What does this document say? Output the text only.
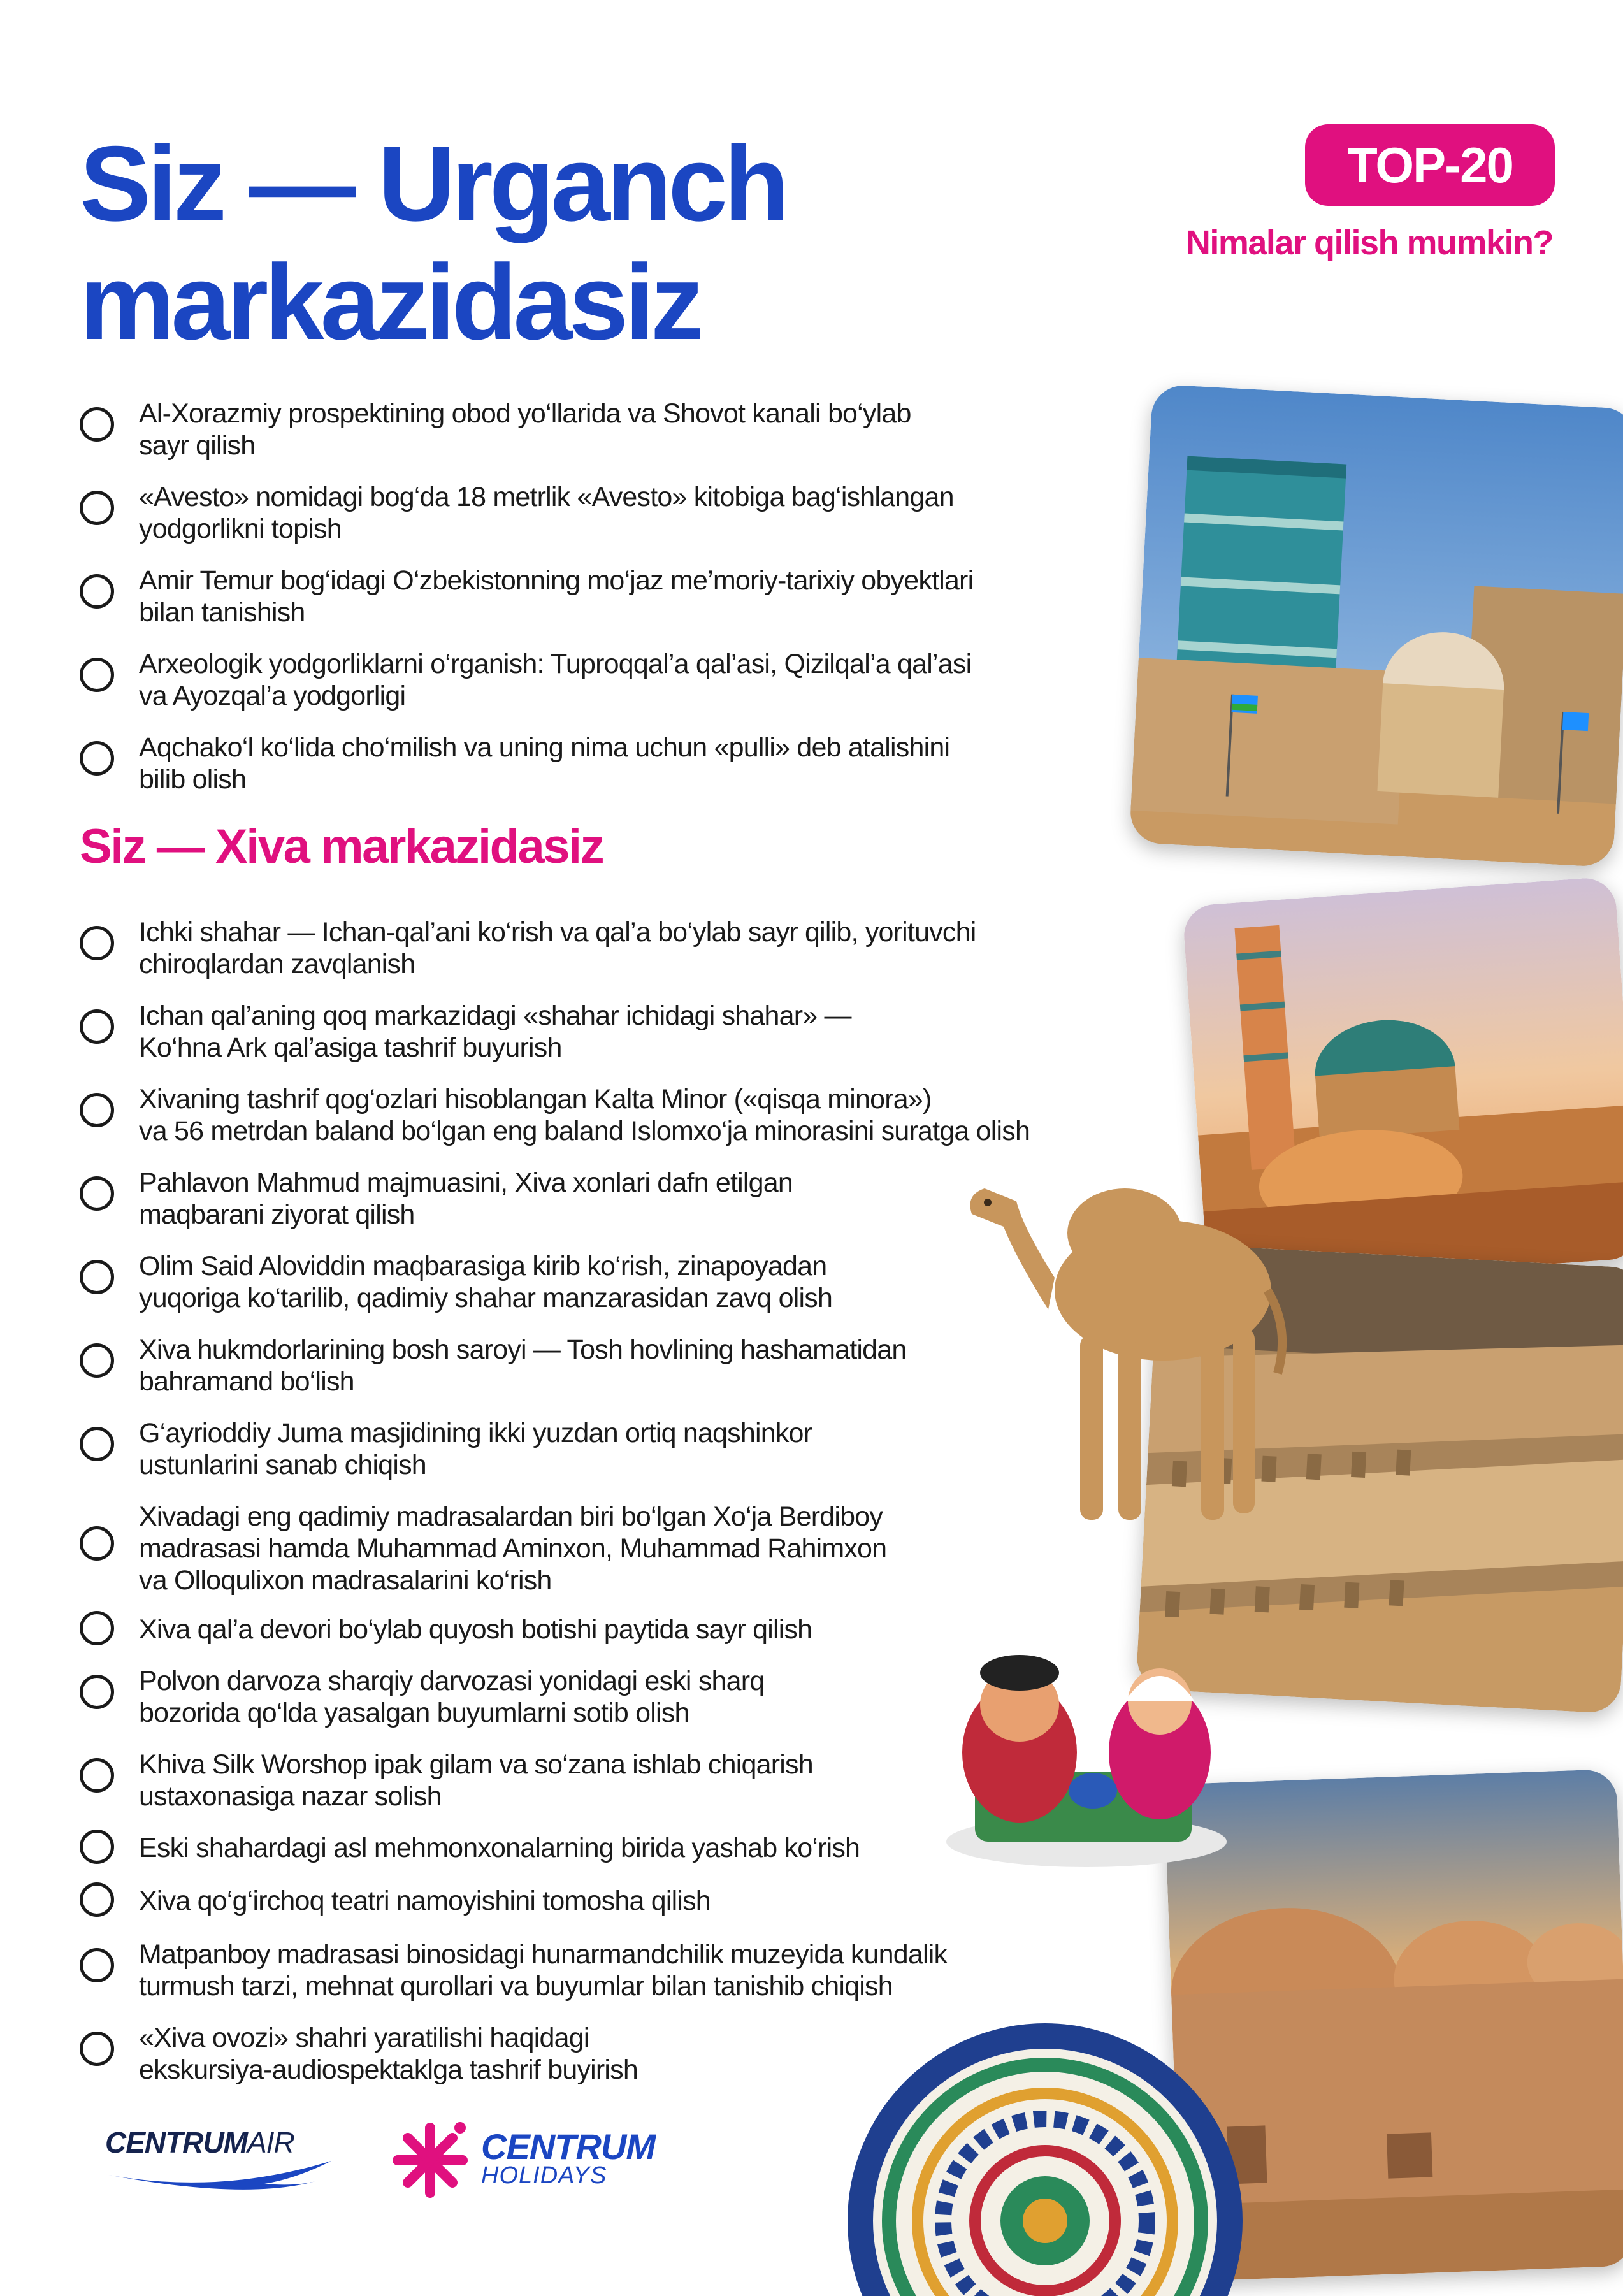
Siz — Urganch
markazidasiz
TOP-20
Nimalar qilish mumkin?
Al-Xorazmiy prospektining obod yo‘llarida va Shovot kanali bo‘ylab
sayr qilish
«Avesto» nomidagi bog‘da 18 metrlik «Avesto» kitobiga bag‘ishlangan
yodgorlikni topish
Amir Temur bog‘idagi O‘zbekistonning mo‘jaz me’moriy-tarixiy obyektlari
bilan tanishish
Arxeologik yodgorliklarni o‘rganish: Tuproqqal’a qal’asi, Qizilqal’a qal’asi
va Ayozqal’a yodgorligi
Aqchako‘l ko‘lida cho‘milish va uning nima uchun «pulli» deb atalishini
bilib olish
Siz — Xiva markazidasiz
Ichki shahar — Ichan-qal’ani ko‘rish va qal’a bo‘ylab sayr qilib, yorituvchi
chiroqlardan zavqlanish
Ichan qal’aning qoq markazidagi «shahar ichidagi shahar» —
Ko‘hna Ark qal’asiga tashrif buyurish
Xivaning tashrif qog‘ozlari hisoblangan Kalta Minor («qisqa minora»)
va 56 metrdan baland bo‘lgan eng baland Islomxo‘ja minorasini suratga olish
Pahlavon Mahmud majmuasini, Xiva xonlari dafn etilgan
maqbarani ziyorat qilish
Olim Said Aloviddin maqbarasiga kirib ko‘rish, zinapoyadan
yuqoriga ko‘tarilib, qadimiy shahar manzarasidan zavq olish
Xiva hukmdorlarining bosh saroyi — Tosh hovlining hashamatidan
bahramand bo‘lish
G‘ayrioddiy Juma masjidining ikki yuzdan ortiq naqshinkor
ustunlarini sanab chiqish
Xivadagi eng qadimiy madrasalardan biri bo‘lgan Xo‘ja Berdiboy
madrasasi hamda Muhammad Aminxon, Muhammad Rahimxon
va Olloqulixon madrasalarini ko‘rish
Xiva qal’a devori bo‘ylab quyosh botishi paytida sayr qilish
Polvon darvoza sharqiy darvozasi yonidagi eski sharq
bozorida qo‘lda yasalgan buyumlarni sotib olish
Khiva Silk Worshop ipak gilam va so‘zana ishlab chiqarish
ustaxonasiga nazar solish
Eski shahardagi asl mehmonxonalarning birida yashab ko‘rish
Xiva qo‘g‘irchoq teatri namoyishini tomosha qilish
Matpanboy madrasasi binosidagi hunarmandchilik muzeyida kundalik
turmush tarzi, mehnat qurollari va buyumlar bilan tanishib chiqish
«Xiva ovozi» shahri yaratilishi haqidagi
ekskursiya-audiospektaklga tashrif buyirish
CENTRUMAIR	CENTRUM
HOLIDAYS
